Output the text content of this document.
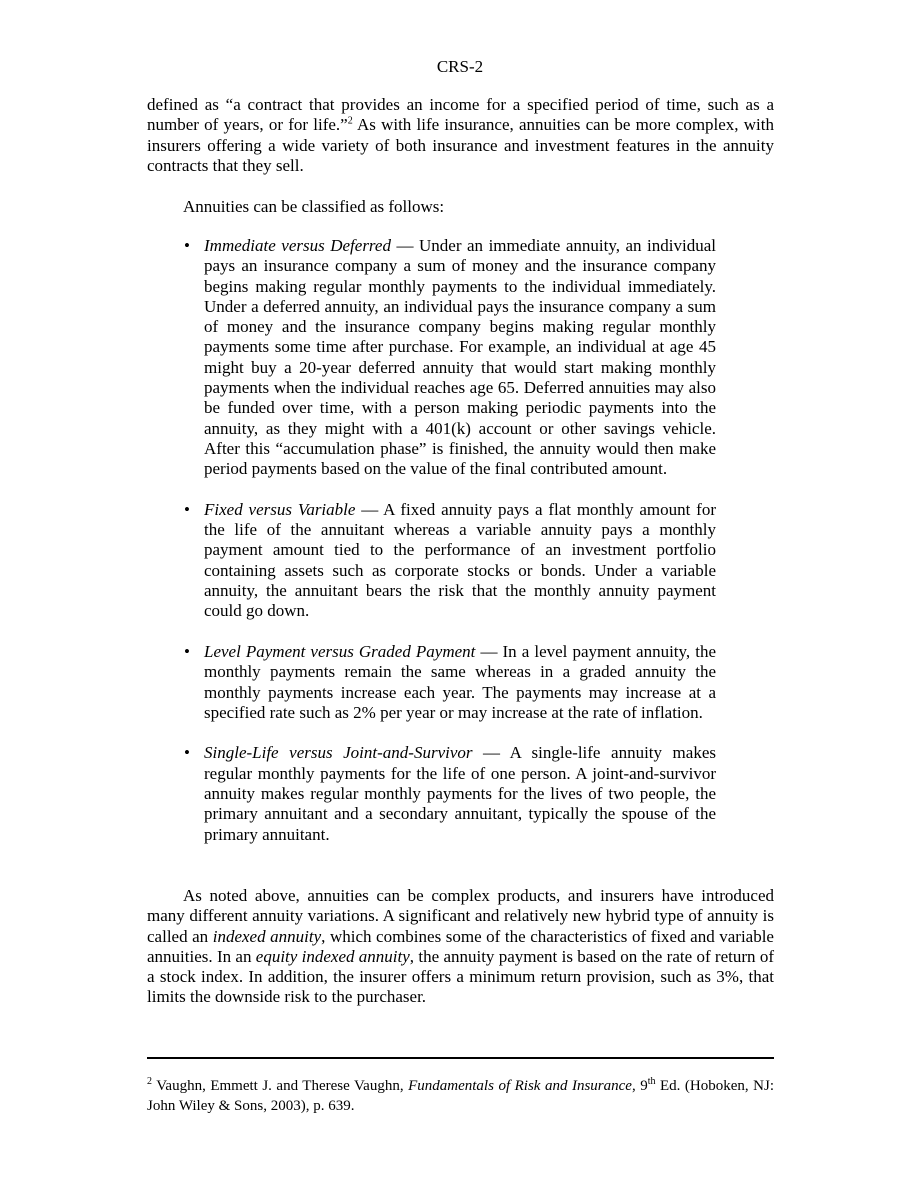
CRS-2

defined as “a contract that provides an income for a specified period of time, such as a number of years, or for life.”$^2$ As with life insurance, annuities can be more complex, with insurers offering a wide variety of both insurance and investment features in the annuity contracts that they sell.

Annuities can be classified as follows:

• Immediate versus Deferred — Under an immediate annuity, an individual pays an insurance company a sum of money and the insurance company begins making regular monthly payments to the individual immediately. Under a deferred annuity, an individual pays the insurance company a sum of money and the insurance company begins making regular monthly payments some time after purchase. For example, an individual at age 45 might buy a 20-year deferred annuity that would start making monthly payments when the individual reaches age 65. Deferred annuities may also be funded over time, with a person making periodic payments into the annuity, as they might with a 401(k) account or other savings vehicle. After this “accumulation phase” is finished, the annuity would then make period payments based on the value of the final contributed amount.
• Fixed versus Variable — A fixed annuity pays a flat monthly amount for the life of the annuitant whereas a variable annuity pays a monthly payment amount tied to the performance of an investment portfolio containing assets such as corporate stocks or bonds. Under a variable annuity, the annuitant bears the risk that the monthly annuity payment could go down.
• Level Payment versus Graded Payment — In a level payment annuity, the monthly payments remain the same whereas in a graded annuity the monthly payments increase each year. The payments may increase at a specified rate such as 2% per year or may increase at the rate of inflation.
• Single-Life versus Joint-and-Survivor — A single-life annuity makes regular monthly payments for the life of one person. A joint-and-survivor annuity makes regular monthly payments for the lives of two people, the primary annuitant and a secondary annuitant, typically the spouse of the primary annuitant.

As noted above, annuities can be complex products, and insurers have introduced many different annuity variations. A significant and relatively new hybrid type of annuity is called an indexed annuity, which combines some of the characteristics of fixed and variable annuities. In an equity indexed annuity, the annuity payment is based on the rate of return of a stock index. In addition, the insurer offers a minimum return provision, such as 3%, that limits the downside risk to the purchaser.

$^2$ Vaughn, Emmett J. and Therese Vaughn, Fundamentals of Risk and Insurance, 9th Ed. (Hoboken, NJ: John Wiley & Sons, 2003), p. 639.
